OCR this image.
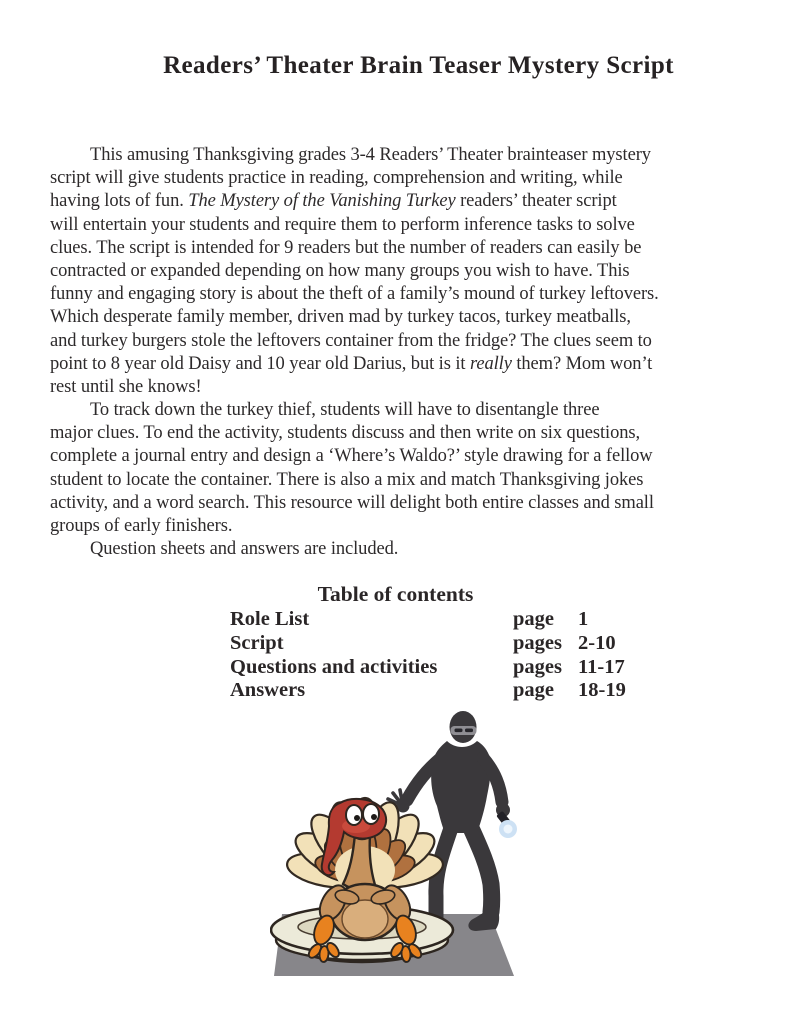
Readers’ Theater Brain Teaser Mystery Script
This amusing Thanksgiving grades 3-4 Readers’ Theater brainteaser mystery
script will give students practice in reading, comprehension and writing, while
having lots of fun. The Mystery of the Vanishing Turkey readers’ theater script
will entertain your students and require them to perform inference tasks to solve
clues. The script is intended for 9 readers but the number of readers can easily be
contracted or expanded depending on how many groups you wish to have. This
funny and engaging story is about the theft of a family’s mound of turkey leftovers.
Which desperate family member, driven mad by turkey tacos, turkey meatballs,
and turkey burgers stole the leftovers container from the fridge? The clues seem to
point to 8 year old Daisy and 10 year old Darius, but is it really them? Mom won’t
rest until she knows!
To track down the turkey thief, students will have to disentangle three
major clues. To end the activity, students discuss and then write on six questions,
complete a journal entry and design a ‘Where’s Waldo?’ style drawing for a fellow
student to locate the container. There is also a mix and match Thanksgiving jokes
activity, and a word search. This resource will delight both entire classes and small
groups of early finishers.
Question sheets and answers are included.
Table of contents
Role List	page	1
Script	pages 2-10
Questions and activities	pages 11-17
Answers	page	18-19
